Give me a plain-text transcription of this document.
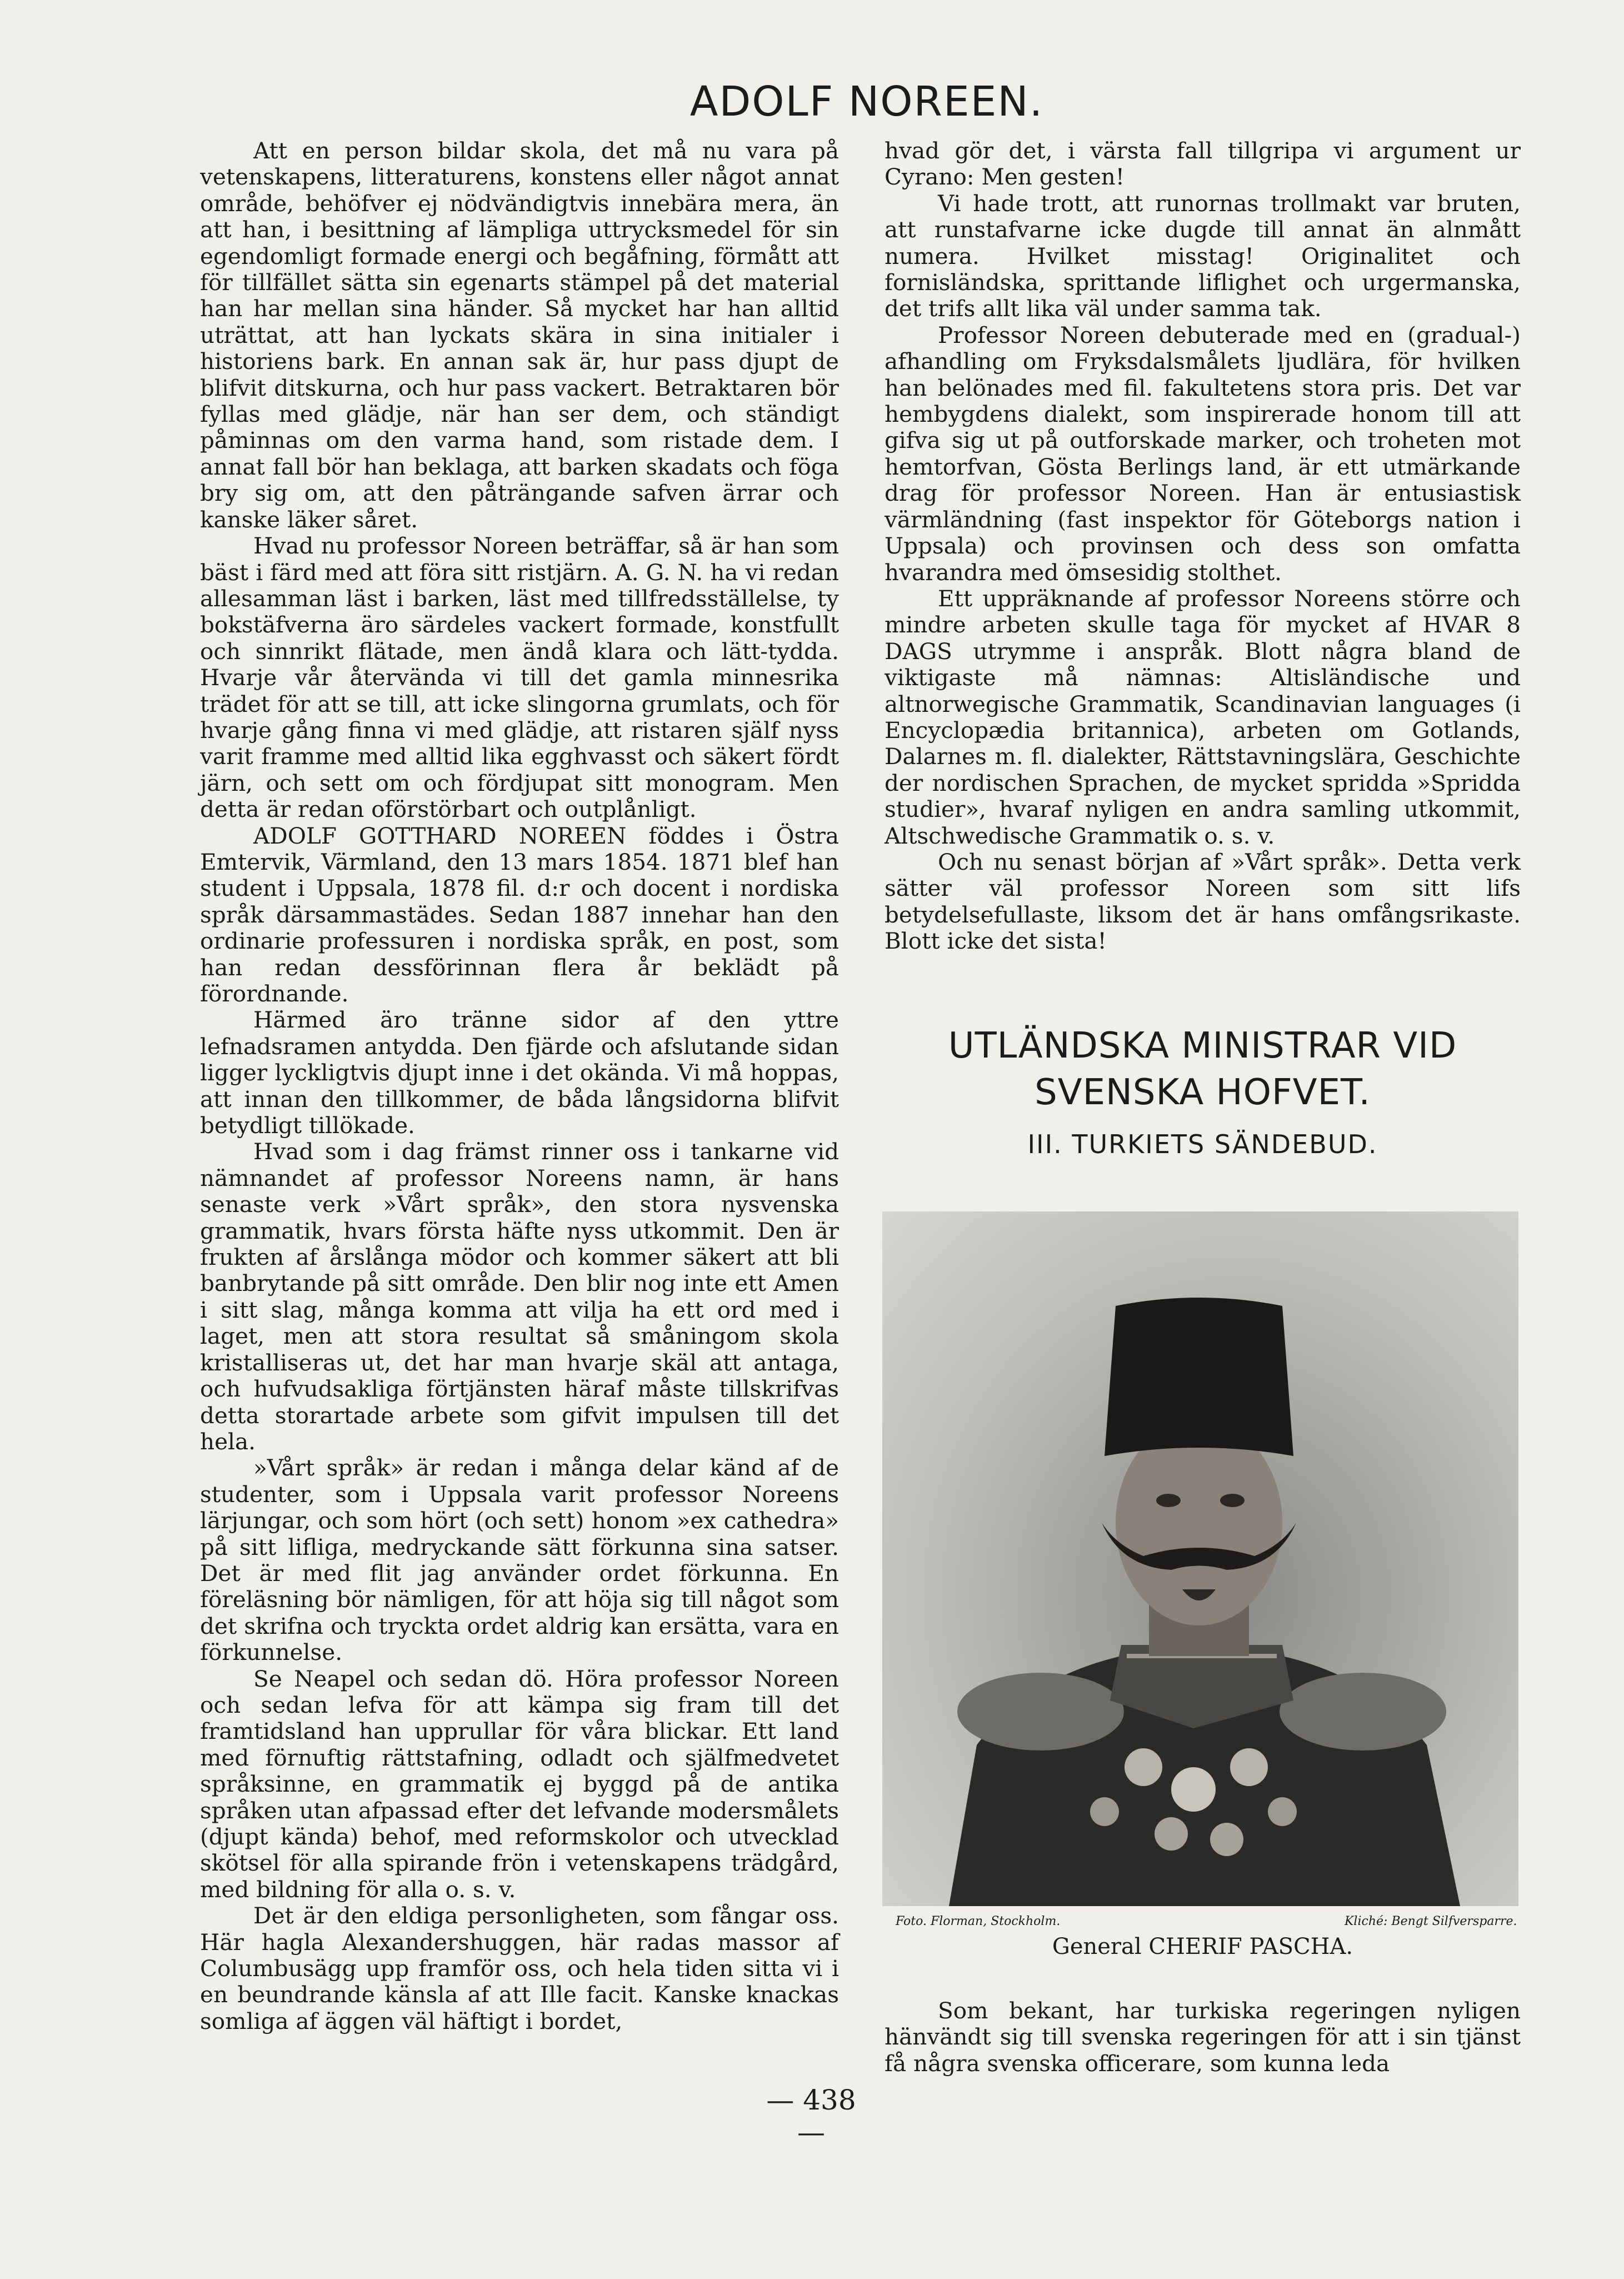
ADOLF NOREEN.

Att en person bildar skola, det må nu vara på vetenskapens, litteraturens, konstens eller något annat område, behöfver ej nödvändigtvis innebära mera, än att han, i besittning af lämpliga uttrycksmedel för sin egendomligt formade energi och begåfning, förmått att för tillfället sätta sin egenarts stämpel på det material han har mellan sina händer. Så mycket har han alltid uträttat, att han lyckats skära in sina initialer i historiens bark. En annan sak är, hur pass djupt de blifvit ditskurna, och hur pass vackert. Betraktaren bör fyllas med glädje, när han ser dem, och ständigt påminnas om den varma hand, som ristade dem. I annat fall bör han beklaga, att barken skadats och föga bry sig om, att den påträngande safven ärrar och kanske läker såret.

Hvad nu professor Noreen beträffar, så är han som bäst i färd med att föra sitt ristjärn. A. G. N. ha vi redan allesamman läst i barken, läst med tillfredsställelse, ty bokstäfverna äro särdeles vackert formade, konstfullt och sinnrikt flätade, men ändå klara och lätt-tydda. Hvarje vår återvända vi till det gamla minnesrika trädet för att se till, att icke slingorna grumlats, och för hvarje gång finna vi med glädje, att ristaren själf nyss varit framme med alltid lika egghvasst och säkert fördt järn, och sett om och fördjupat sitt monogram. Men detta är redan oförstörbart och outplånligt.

ADOLF GOTTHARD NOREEN föddes i Östra Emtervik, Värmland, den 13 mars 1854. 1871 blef han student i Uppsala, 1878 fil. d:r och docent i nordiska språk därsammastädes. Sedan 1887 innehar han den ordinarie professuren i nordiska språk, en post, som han redan dessförinnan flera år beklädt på förordnande.

Härmed äro tränne sidor af den yttre lefnadsramen antydda. Den fjärde och afslutande sidan ligger lyckligtvis djupt inne i det okända. Vi må hoppas, att innan den tillkommer, de båda långsidorna blifvit betydligt tillökade.

Hvad som i dag främst rinner oss i tankarne vid nämnandet af professor Noreens namn, är hans senaste verk »Vårt språk», den stora nysvenska grammatik, hvars första häfte nyss utkommit. Den är frukten af årslånga mödor och kommer säkert att bli banbrytande på sitt område. Den blir nog inte ett Amen i sitt slag, många komma att vilja ha ett ord med i laget, men att stora resultat så småningom skola kristalliseras ut, det har man hvarje skäl att antaga, och hufvudsakliga förtjänsten häraf måste tillskrifvas detta storartade arbete som gifvit impulsen till det hela.

»Vårt språk» är redan i många delar känd af de studenter, som i Uppsala varit professor Noreens lärjungar, och som hört (och sett) honom »ex cathedra» på sitt lifliga, medryckande sätt förkunna sina satser. Det är med flit jag använder ordet förkunna. En föreläsning bör nämligen, för att höja sig till något som det skrifna och tryckta ordet aldrig kan ersätta, vara en förkunnelse.

Se Neapel och sedan dö. Höra professor Noreen och sedan lefva för att kämpa sig fram till det framtidsland han upprullar för våra blickar. Ett land med förnuftig rättstafning, odladt och själfmedvetet språksinne, en grammatik ej byggd på de antika språken utan afpassad efter det lefvande modersmålets (djupt kända) behof, med reformskolor och utvecklad skötsel för alla spirande frön i vetenskapens trädgård, med bildning för alla o. s. v.

Det är den eldiga personligheten, som fångar oss. Här hagla Alexandershuggen, här radas massor af Columbusägg upp framför oss, och hela tiden sitta vi i en beundrande känsla af att Ille facit. Kanske knackas somliga af äggen väl häftigt i bordet,

hvad gör det, i värsta fall tillgripa vi argument ur Cyrano: Men gesten!

Vi hade trott, att runornas trollmakt var bruten, att runstafvarne icke dugde till annat än alnmått numera. Hvilket misstag! Originalitet och fornisländska, sprittande liflighet och urgermanska, det trifs allt lika väl under samma tak.

Professor Noreen debuterade med en (gradual-) afhandling om Fryksdalsmålets ljudlära, för hvilken han belönades med fil. fakultetens stora pris. Det var hembygdens dialekt, som inspirerade honom till att gifva sig ut på outforskade marker, och troheten mot hemtorfvan, Gösta Berlings land, är ett utmärkande drag för professor Noreen. Han är entusiastisk värmländning (fast inspektor för Göteborgs nation i Uppsala) och provinsen och dess son omfatta hvarandra med ömsesidig stolthet.

Ett uppräknande af professor Noreens större och mindre arbeten skulle taga för mycket af HVAR 8 DAGS utrymme i anspråk. Blott några bland de viktigaste må nämnas: Altisländische und altnorwegische Grammatik, Scandinavian languages (i Encyclopædia britannica), arbeten om Gotlands, Dalarnes m. fl. dialekter, Rättstavningslära, Geschichte der nordischen Sprachen, de mycket spridda »Spridda studier», hvaraf nyligen en andra samling utkommit, Altschwedische Grammatik o. s. v.

Och nu senast början af »Vårt språk». Detta verk sätter väl professor Noreen som sitt lifs betydelsefullaste, liksom det är hans omfångsrikaste. Blott icke det sista!

UTLÄNDSKA MINISTRAR VID
SVENSKA HOFVET.
III. TURKIETS SÄNDEBUD.
Foto. Florman, Stockholm.	Kliché: Bengt Silfversparre.
General CHERIF PASCHA.

Som bekant, har turkiska regeringen nyligen hänvändt sig till svenska regeringen för att i sin tjänst få några svenska officerare, som kunna leda

— 438 —
